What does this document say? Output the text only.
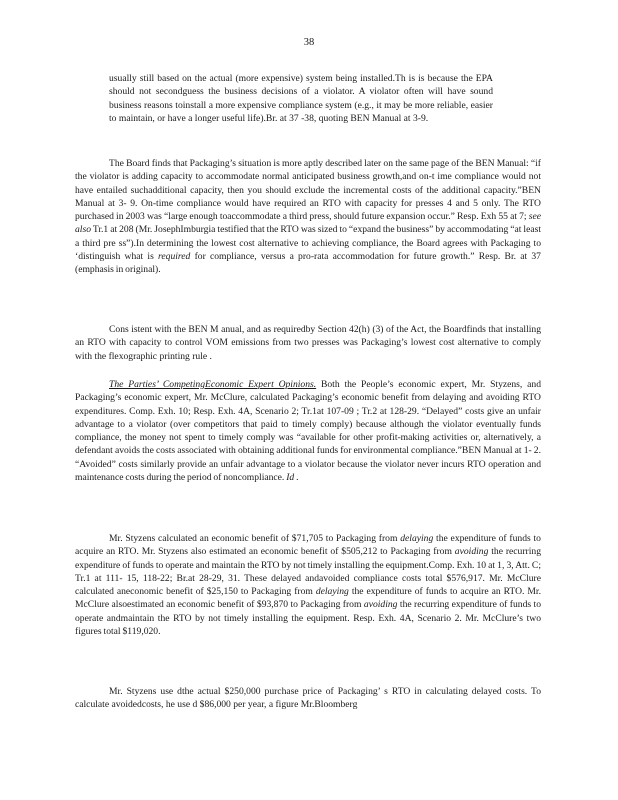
38

usually still based on the actual (more expensive) system being installed.Th is is because the EPA should not secondguess the business decisions of a violator. A violator often will have sound business reasons toinstall a more expensive compliance system (e.g., it may be more reliable, easier to maintain, or have a longer useful life).Br. at 37 -38, quoting BEN Manual at 3-9.

The Board finds that Packaging’s situation is more aptly described later on the same page of the BEN Manual: “if the violator is adding capacity to accommodate normal anticipated business growth,and on-t ime compliance would not have entailed suchadditional capacity, then you should exclude the incremental costs of the additional capacity.”BEN Manual at 3- 9. On-time compliance would have required an RTO with capacity for presses 4 and 5 only. The RTO purchased in 2003 was “large enough toaccommodate a third press, should future expansion occur.” Resp. Exh 55 at 7; see also Tr.1 at 208 (Mr. JosephImburgia testified that the RTO was sized to “expand the business” by accommodating “at least a third pre ss”).In determining the lowest cost alternative to achieving compliance, the Board agrees with Packaging to ‘distinguish what is required for compliance, versus a pro-rata accommodation for future growth.” Resp. Br. at 37 (emphasis in original).

Cons istent with the BEN M anual, and as requiredby Section 42(h) (3) of the Act, the Boardfinds that installing an RTO with capacity to control VOM emissions from two presses was Packaging’s lowest cost alternative to comply with the flexographic printing rule .

The Parties’ CompetingEconomic Expert Opinions. Both the People’s economic expert, Mr. Styzens, and Packaging’s economic expert, Mr. McClure, calculated Packaging’s economic benefit from delaying and avoiding RTO expenditures. Comp. Exh. 10; Resp. Exh. 4A, Scenario 2; Tr.1at 107-09 ; Tr.2 at 128-29. “Delayed” costs give an unfair advantage to a violator (over competitors that paid to timely comply) because although the violator eventually funds compliance, the money not spent to timely comply was “available for other profit-making activities or, alternatively, a defendant avoids the costs associated with obtaining additional funds for environmental compliance.”BEN Manual at 1- 2. “Avoided” costs similarly provide an unfair advantage to a violator because the violator never incurs RTO operation and maintenance costs during the period of noncompliance. Id .

Mr. Styzens calculated an economic benefit of $71,705 to Packaging from delaying the expenditure of funds to acquire an RTO. Mr. Styzens also estimated an economic benefit of $505,212 to Packaging from avoiding the recurring expenditure of funds to operate and maintain the RTO by not timely installing the equipment.Comp. Exh. 10 at 1, 3, Att. C; Tr.1 at 111- 15, 118-22; Br.at 28-29, 31. These delayed andavoided compliance costs total $576,917. Mr. McClure calculated aneconomic benefit of $25,150 to Packaging from delaying the expenditure of funds to acquire an RTO. Mr. McClure alsoestimated an economic benefit of $93,870 to Packaging from avoiding the recurring expenditure of funds to operate andmaintain the RTO by not timely installing the equipment. Resp. Exh. 4A, Scenario 2. Mr. McClure’s two figures total $119,020.

Mr. Styzens use dthe actual $250,000 purchase price of Packaging’ s RTO in calculating delayed costs. To calculate avoidedcosts, he use d $86,000 per year, a figure Mr.Bloomberg
